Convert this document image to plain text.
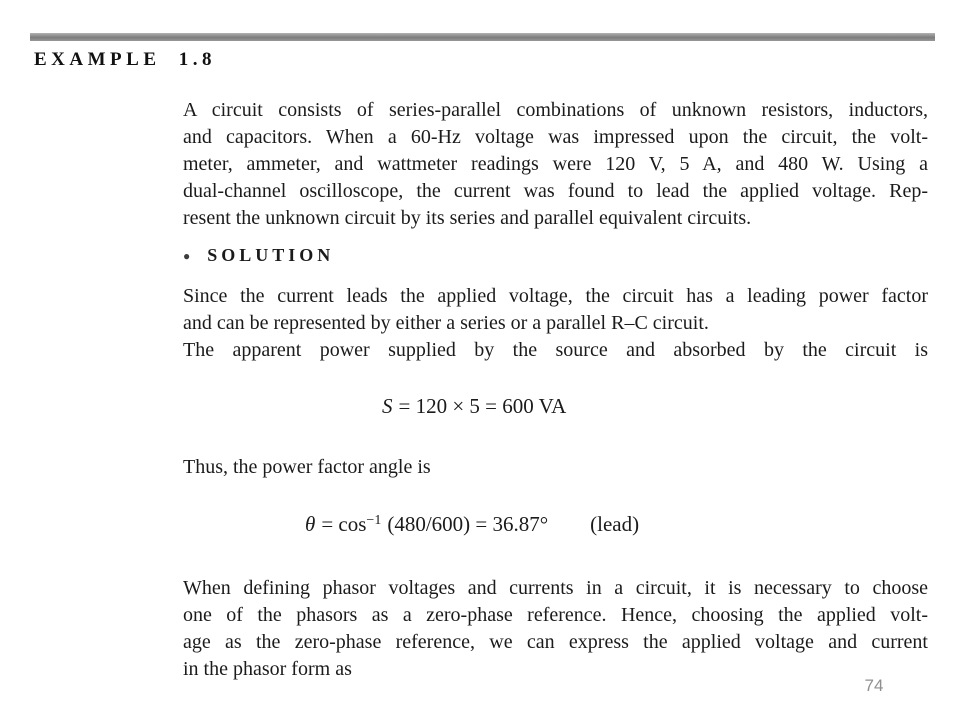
EXAMPLE 1.8
A circuit consists of series-parallel combinations of unknown resistors, inductors,
and capacitors. When a 60-Hz voltage was impressed upon the circuit, the volt-
meter, ammeter, and wattmeter readings were 120 V, 5 A, and 480 W. Using a
dual-channel oscilloscope, the current was found to lead the applied voltage. Rep-
resent the unknown circuit by its series and parallel equivalent circuits.
● SOLUTION
Since the current leads the applied voltage, the circuit has a leading power factor
and can be represented by either a series or a parallel R–C circuit.
The apparent power supplied by the source and absorbed by the circuit is
S = 120 × 5 = 600 VA
Thus, the power factor angle is
$\theta = \cos^{-1} (480/600) = 36.87^\circ$ (lead)
When defining phasor voltages and currents in a circuit, it is necessary to choose
one of the phasors as a zero-phase reference. Hence, choosing the applied volt-
age as the zero-phase reference, we can express the applied voltage and current
in the phasor form as
74
